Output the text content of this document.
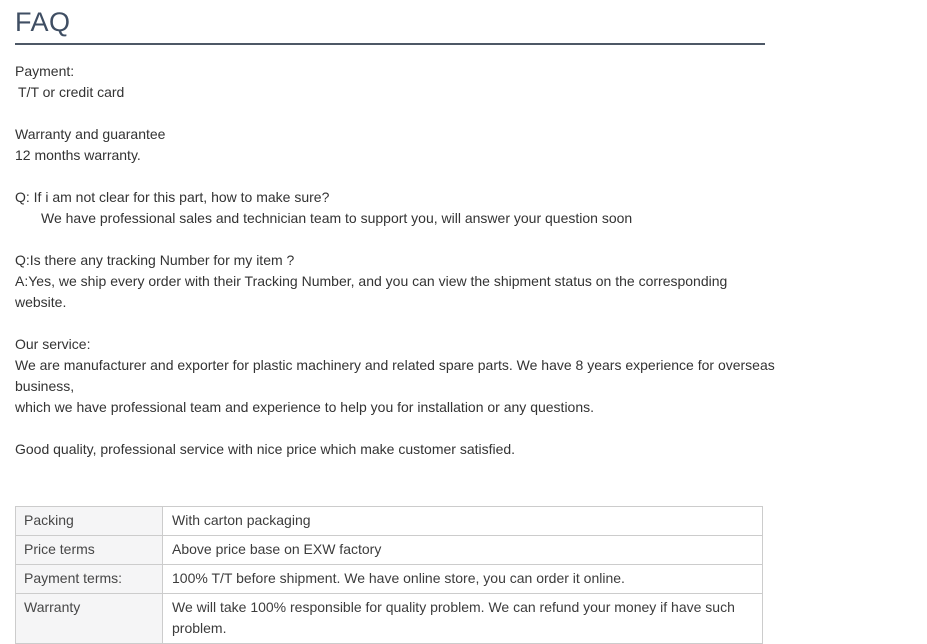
FAQ
Payment:
T/T or credit card
Warranty and guarantee
12 months warranty.
Q: If i am not clear for this part, how to make sure?
We have professional sales and technician team to support you, will answer your question soon
Q:Is there any tracking Number for my item ?
A:Yes, we ship every order with their Tracking Number, and you can view the shipment status on the corresponding
website.
Our service:
We are manufacturer and exporter for plastic machinery and related spare parts. We have 8 years experience for overseas
business,
which we have professional team and experience to help you for installation or any questions.
Good quality, professional service with nice price which make customer satisfied.
Packing	With carton packaging
Price terms	Above price base on EXW factory
Payment terms:	100% T/T before shipment. We have online store, you can order it online.
Warranty	We will take 100% responsible for quality problem. We can refund your money if have such problem.
